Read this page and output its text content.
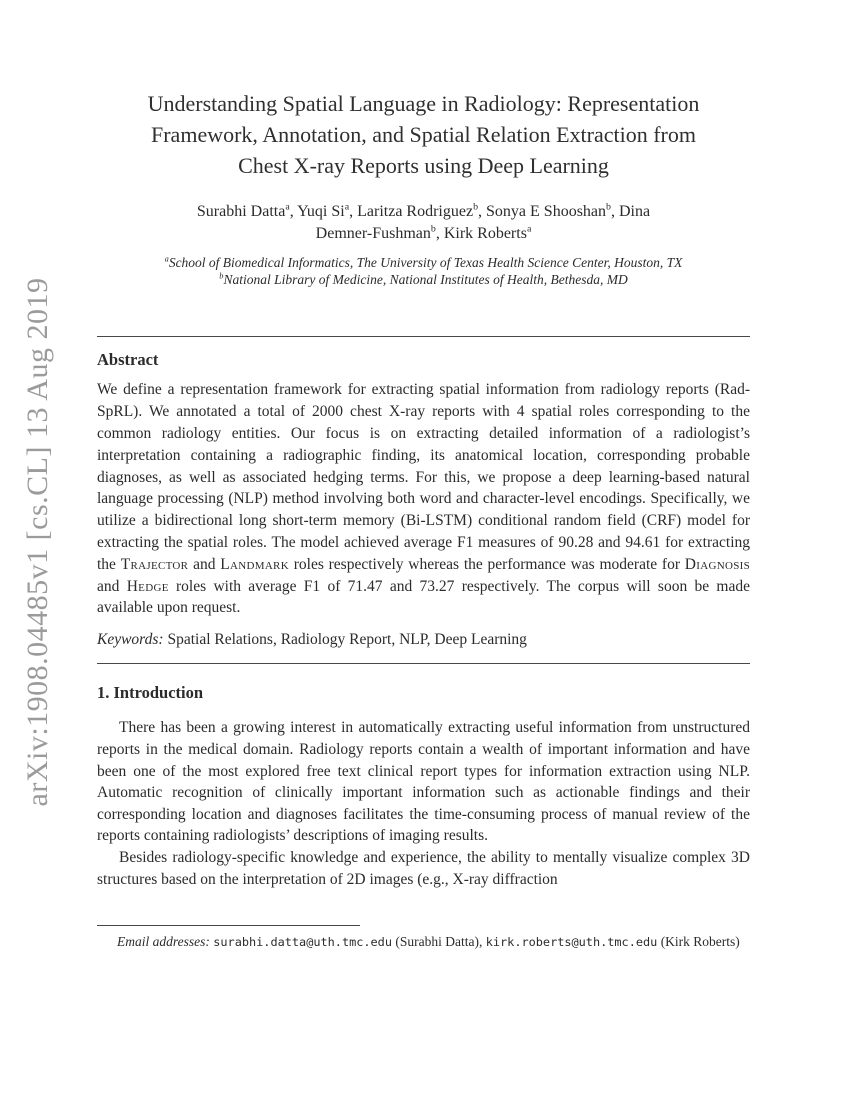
arXiv:1908.04485v1 [cs.CL] 13 Aug 2019
Understanding Spatial Language in Radiology: Representation
Framework, Annotation, and Spatial Relation Extraction from
Chest X-ray Reports using Deep Learning
Surabhi Datta$^a$, Yuqi Si$^a$, Laritza Rodriguez$^b$, Sonya E Shooshan$^b$, Dina
Demner-Fushman$^b$, Kirk Roberts$^a$
$^a$School of Biomedical Informatics, The University of Texas Health Science Center, Houston, TX
$^b$National Library of Medicine, National Institutes of Health, Bethesda, MD
Abstract
We define a representation framework for extracting spatial information from radiology reports (Rad-SpRL). We annotated a total of 2000 chest X-ray reports with 4 spatial roles corresponding to the common radiology entities. Our focus is on extracting detailed information of a radiologist’s interpretation containing a radiographic finding, its anatomical location, corresponding probable diagnoses, as well as associated hedging terms. For this, we propose a deep learning-based natural language processing (NLP) method involving both word and character-level encodings. Specifically, we utilize a bidirectional long short-term memory (Bi-LSTM) conditional random field (CRF) model for extracting the spatial roles. The model achieved average F1 measures of 90.28 and 94.61 for extracting the Trajector and Landmark roles respectively whereas the performance was moderate for Diagnosis and Hedge roles with average F1 of 71.47 and 73.27 respectively. The corpus will soon be made available upon request.
Keywords: Spatial Relations, Radiology Report, NLP, Deep Learning
1. Introduction

There has been a growing interest in automatically extracting useful information from unstructured reports in the medical domain. Radiology reports contain a wealth of important information and have been one of the most explored free text clinical report types for information extraction using NLP. Automatic recognition of clinically important information such as actionable findings and their corresponding location and diagnoses facilitates the time-consuming process of manual review of the reports containing radiologists’ descriptions of imaging results.

Besides radiology-specific knowledge and experience, the ability to mentally visualize complex 3D structures based on the interpretation of 2D images (e.g., X-ray diffraction

Email addresses: surabhi.datta@uth.tmc.edu (Surabhi Datta), kirk.roberts@uth.tmc.edu (Kirk Roberts)
